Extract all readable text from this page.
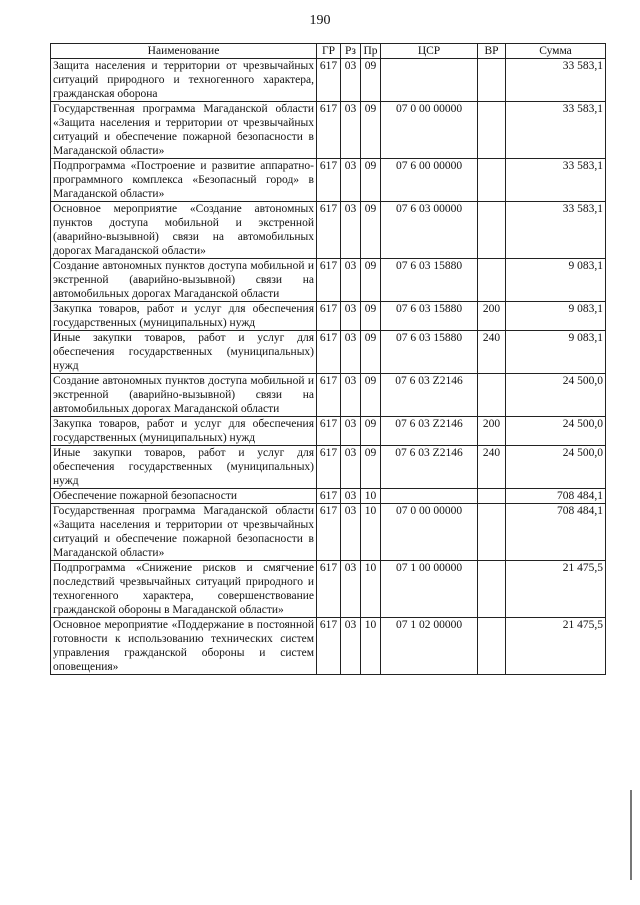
190
Наименование	ГР	Рз	Пр	ЦСР	ВР	Сумма
Защита населения и территории от чрезвычайных ситуаций природного и техногенного характера, гражданская оборона	617	03	09			33 583,1
Государственная программа Магаданской области «Защита населения и территории от чрезвычайных ситуаций и обеспечение пожарной безопасности в Магаданской области»	617	03	09	07 0 00 00000		33 583,1
Подпрограмма «Построение и развитие аппаратно-программного комплекса «Безопасный город» в Магаданской области»	617	03	09	07 6 00 00000		33 583,1
Основное мероприятие «Создание автономных пунктов доступа мобильной и экстренной (аварийно-вызывной) связи на автомобильных дорогах Магаданской области»	617	03	09	07 6 03 00000		33 583,1
Создание автономных пунктов доступа мобильной и экстренной (аварийно-вызывной) связи на автомобильных дорогах Магаданской области	617	03	09	07 6 03 15880		9 083,1
Закупка товаров, работ и услуг для обеспечения государственных (муниципальных) нужд	617	03	09	07 6 03 15880	200	9 083,1
Иные закупки товаров, работ и услуг для обеспечения государственных (муниципальных) нужд	617	03	09	07 6 03 15880	240	9 083,1
Создание автономных пунктов доступа мобильной и экстренной (аварийно-вызывной) связи на автомобильных дорогах Магаданской области	617	03	09	07 6 03 Z2146		24 500,0
Закупка товаров, работ и услуг для обеспечения государственных (муниципальных) нужд	617	03	09	07 6 03 Z2146	200	24 500,0
Иные закупки товаров, работ и услуг для обеспечения государственных (муниципальных) нужд	617	03	09	07 6 03 Z2146	240	24 500,0
Обеспечение пожарной безопасности	617	03	10			708 484,1
Государственная программа Магаданской области «Защита населения и территории от чрезвычайных ситуаций и обеспечение пожарной безопасности в Магаданской области»	617	03	10	07 0 00 00000		708 484,1
Подпрограмма «Снижение рисков и смягчение последствий чрезвычайных ситуаций природного и техногенного характера, совершенствование гражданской обороны в Магаданской области»	617	03	10	07 1 00 00000		21 475,5
Основное мероприятие «Поддержание в постоянной готовности к использованию технических систем управления гражданской обороны и систем оповещения»	617	03	10	07 1 02 00000		21 475,5
